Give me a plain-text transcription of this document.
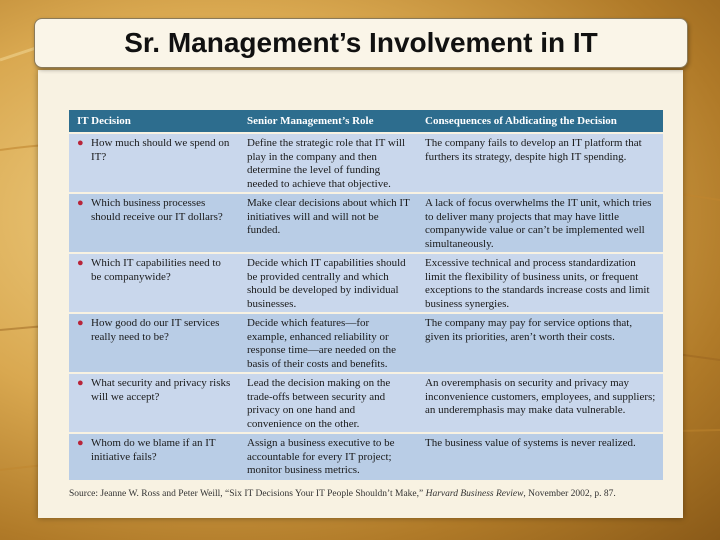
Sr. Management’s Involvement in IT
IT Decision	Senior Management’s Role	Consequences of Abdicating the Decision
● How much should we spend on IT?
Define the strategic role that IT will play in the company and then determine the level of funding needed to achieve that objective.
The company fails to develop an IT platform that furthers its strategy, despite high IT spending.
● Which business processes should receive our IT dollars?
Make clear decisions about which IT initiatives will and will not be funded.
A lack of focus overwhelms the IT unit, which tries to deliver many projects that may have little companywide value or can’t be implemented well simultaneously.
● Which IT capabilities need to be companywide?
Decide which IT capabilities should be provided centrally and which should be developed by individual businesses.
Excessive technical and process standardization limit the flexibility of business units, or frequent exceptions to the standards increase costs and limit business synergies.
● How good do our IT services really need to be?
Decide which features—for example, enhanced reliability or response time—are needed on the basis of their costs and benefits.
The company may pay for service options that, given its priorities, aren’t worth their costs.
● What security and privacy risks will we accept?
Lead the decision making on the trade-offs between security and privacy on one hand and convenience on the other.
An overemphasis on security and privacy may inconvenience customers, employees, and suppliers; an underemphasis may make data vulnerable.
● Whom do we blame if an IT initiative fails?
Assign a business executive to be accountable for every IT project; monitor business metrics.
The business value of systems is never realized.
Source: Jeanne W. Ross and Peter Weill, “Six IT Decisions Your IT People Shouldn’t Make,” Harvard Business Review, November 2002, p. 87.
